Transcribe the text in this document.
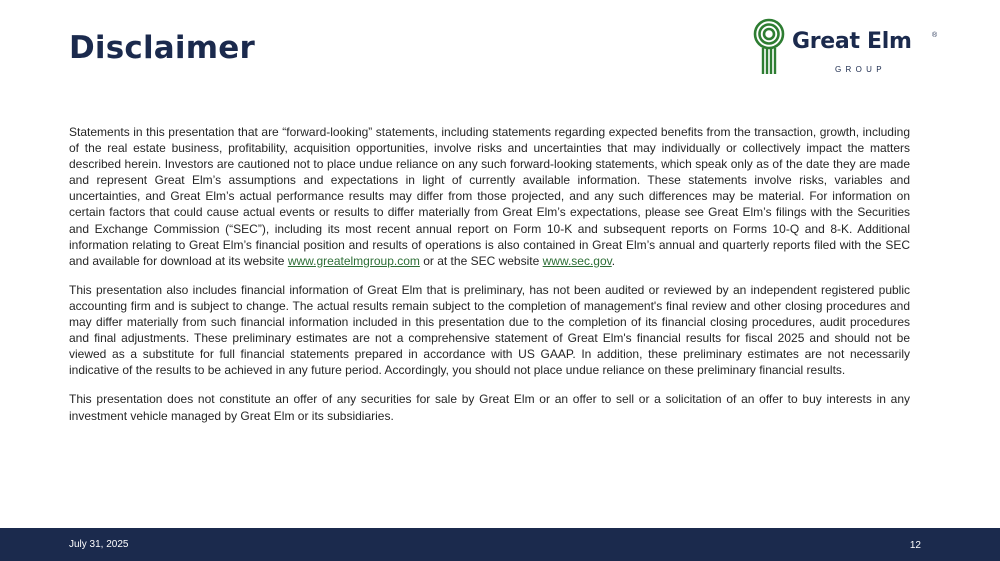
Disclaimer	Great Elm	®
GROUP

Statements in this presentation that are “forward-looking” statements, including statements regarding expected benefits from the transaction, growth, including of the real estate business, profitability, acquisition opportunities, involve risks and uncertainties that may individually or collectively impact the matters described herein. Investors are cautioned not to place undue reliance on any such forward-looking statements, which speak only as of the date they are made and represent Great Elm’s assumptions and expectations in light of currently available information. These statements involve risks, variables and uncertainties, and Great Elm’s actual performance results may differ from those projected, and any such differences may be material. For information on certain factors that could cause actual events or results to differ materially from Great Elm’s expectations, please see Great Elm’s filings with the Securities and Exchange Commission (“SEC”), including its most recent annual report on Form 10-K and subsequent reports on Forms 10-Q and 8-K. Additional information relating to Great Elm’s financial position and results of operations is also contained in Great Elm’s annual and quarterly reports filed with the SEC and available for download at its website www.greatelmgroup.com or at the SEC website www.sec.gov.

This presentation also includes financial information of Great Elm that is preliminary, has not been audited or reviewed by an independent registered public accounting firm and is subject to change. The actual results remain subject to the completion of management's final review and other closing procedures and may differ materially from such financial information included in this presentation due to the completion of its financial closing procedures, audit procedures and final adjustments. These preliminary estimates are not a comprehensive statement of Great Elm's financial results for fiscal 2025 and should not be viewed as a substitute for full financial statements prepared in accordance with US GAAP. In addition, these preliminary estimates are not necessarily indicative of the results to be achieved in any future period. Accordingly, you should not place undue reliance on these preliminary financial results.

This presentation does not constitute an offer of any securities for sale by Great Elm or an offer to sell or a solicitation of an offer to buy interests in any investment vehicle managed by Great Elm or its subsidiaries.

July 31, 2025	12
